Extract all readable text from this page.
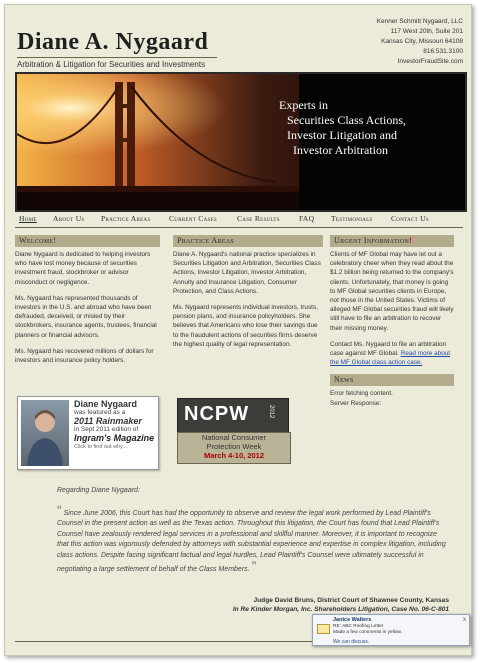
Diane A. Nygaard
Arbitration & Litigation for Securities and Investments
Kenner Schmitt Nygaard, LLC
117 West 20th, Suite 201
Kansas City, Missouri 64108
816.531.3100
InvestorFraudSite.com
Experts in
Securities Class Actions,
Investor Litigation and
Investor Arbitration
Home About Us Practice Areas Current Cases	Case Results	FAQ Testimonials Contact Us
Welcome!

Diane Nygaard is dedicated to helping investors who have lost money because of securities investment fraud, stockbroker or advisor misconduct or negligence.

Ms. Nygaard has represented thousands of investors in the U.S. and abroad who have been defrauded, deceived, or misled by their stockbrokers, insurance agents, trustees, financial planners or financial advisors.

Ms. Nygaard has recovered millions of dollars for investors and insurance policy holders.

Practice Areas

Diane A. Nygaard's national practice specializes in Securities Litigation and Arbitration, Securities Class Actions, Investor Litigation, Investor Arbitration, Annuity and Insurance Litigation, Consumer Protection, and Class Actions.

Ms. Nygaard represents individual investors, trusts, pension plans, and insurance policyholders. She believes that Americans who lose their savings due to the fraudulent actions of securities firms deserve the highest quality of legal representation.

Urgent Information!

Clients of MF Global may have let out a celebratory cheer when they read about the $1.2 billion being returned to the company's clients. Unfortunately, that money is going to MF Global securities clients in Europe, not those in the United States. Victims of alleged MF Global securities fraud will likely still have to file an arbitration to recover their missing money.

Contact Ms. Nygaard to file an arbitration case against MF Global. Read more about the MF Global class action case.

News
Error fetching content.
Server Response:
Diane Nygaard
was featured as a
2011 Rainmaker
in Sept 2011 edition of
Ingram's Magazine
Click to find out why...
NCPW	2012
National Consumer
Protection Week
March 4-10, 2012
Regarding Diane Nygaard:
“ Since June 2006, this Court has had the opportunity to observe and review the legal work performed by Lead Plaintiff's Counsel in the present action as well as the Texas action. Throughout this litigation, the Court has found that Lead Plaintiff's Counsel have zealously rendered legal services in a professional and skillful manner. Moreover, it is important to recognize that this action was vigorously defended by attorneys with substantial experience and expertise in complex litigation, including class actions. Despite facing significant factual and legal hurdles, Lead Plaintiff's Counsel were ultimately successful in negotiating a large settlement of behalf of the Class Members. ”
Judge David Bruns, District Court of Shawnee County, Kansas
In Re Kinder Morgan, Inc. Shareholders Litigation, Case No. 06-C-801
Janice Walters
RE: ABC Roofing Letter
Made a few comments in yellow.
x
We can discuss.
